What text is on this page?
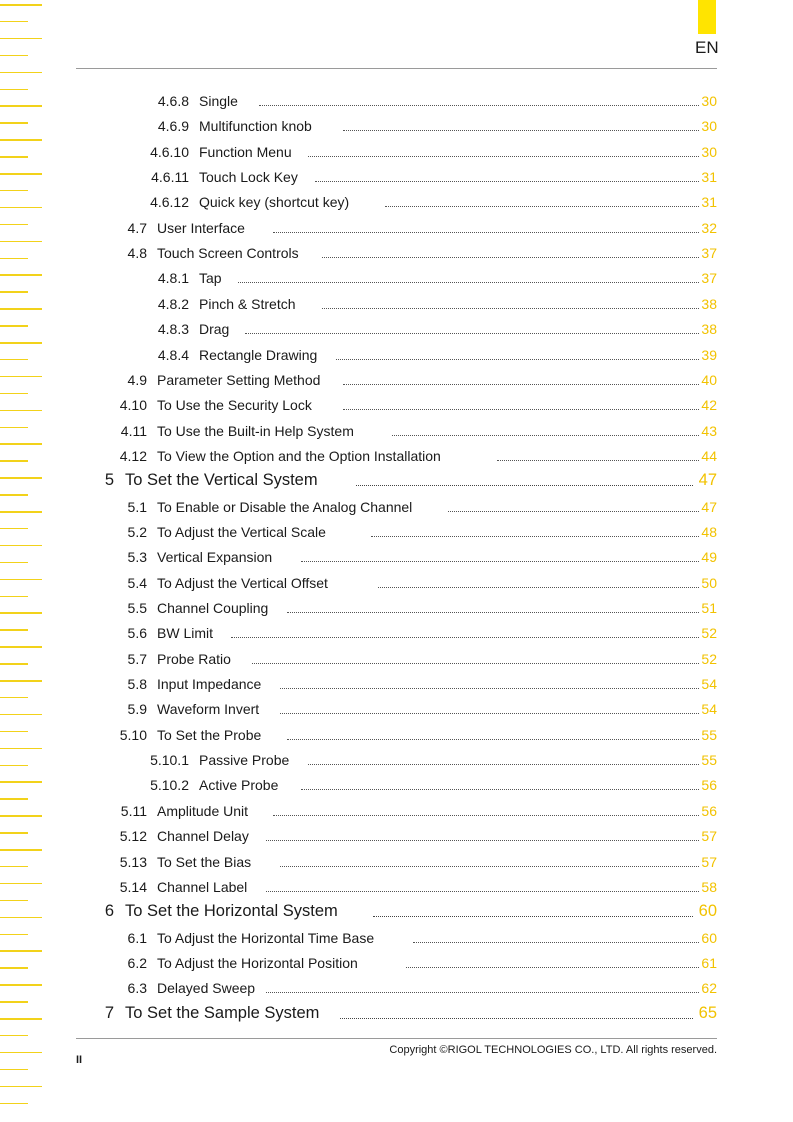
EN
4.6.8 Single	30
4.6.9 Multifunction knob	30
4.6.10 Function Menu	30
4.6.11 Touch Lock Key	31
4.6.12 Quick key (shortcut key)	31
4.7 User Interface	32
4.8 Touch Screen Controls	37
4.8.1 Tap	37
4.8.2 Pinch & Stretch	38
4.8.3 Drag	38
4.8.4 Rectangle Drawing	39
4.9 Parameter Setting Method	40
4.10 To Use the Security Lock	42
4.11 To Use the Built-in Help System	43
4.12 To View the Option and the Option Installation	44
5 To Set the Vertical System	47
5.1 To Enable or Disable the Analog Channel	47
5.2 To Adjust the Vertical Scale	48
5.3 Vertical Expansion	49
5.4 To Adjust the Vertical Offset	50
5.5 Channel Coupling	51
5.6 BW Limit	52
5.7 Probe Ratio	52
5.8 Input Impedance	54
5.9 Waveform Invert	54
5.10 To Set the Probe	55
5.10.1 Passive Probe	55
5.10.2 Active Probe	56
5.11 Amplitude Unit	56
5.12 Channel Delay	57
5.13 To Set the Bias	57
5.14 Channel Label	58
6 To Set the Horizontal System	60
6.1 To Adjust the Horizontal Time Base	60
6.2 To Adjust the Horizontal Position	61
6.3 Delayed Sweep	62
7 To Set the Sample System	65
II
Copyright ©RIGOL TECHNOLOGIES CO., LTD. All rights reserved.
